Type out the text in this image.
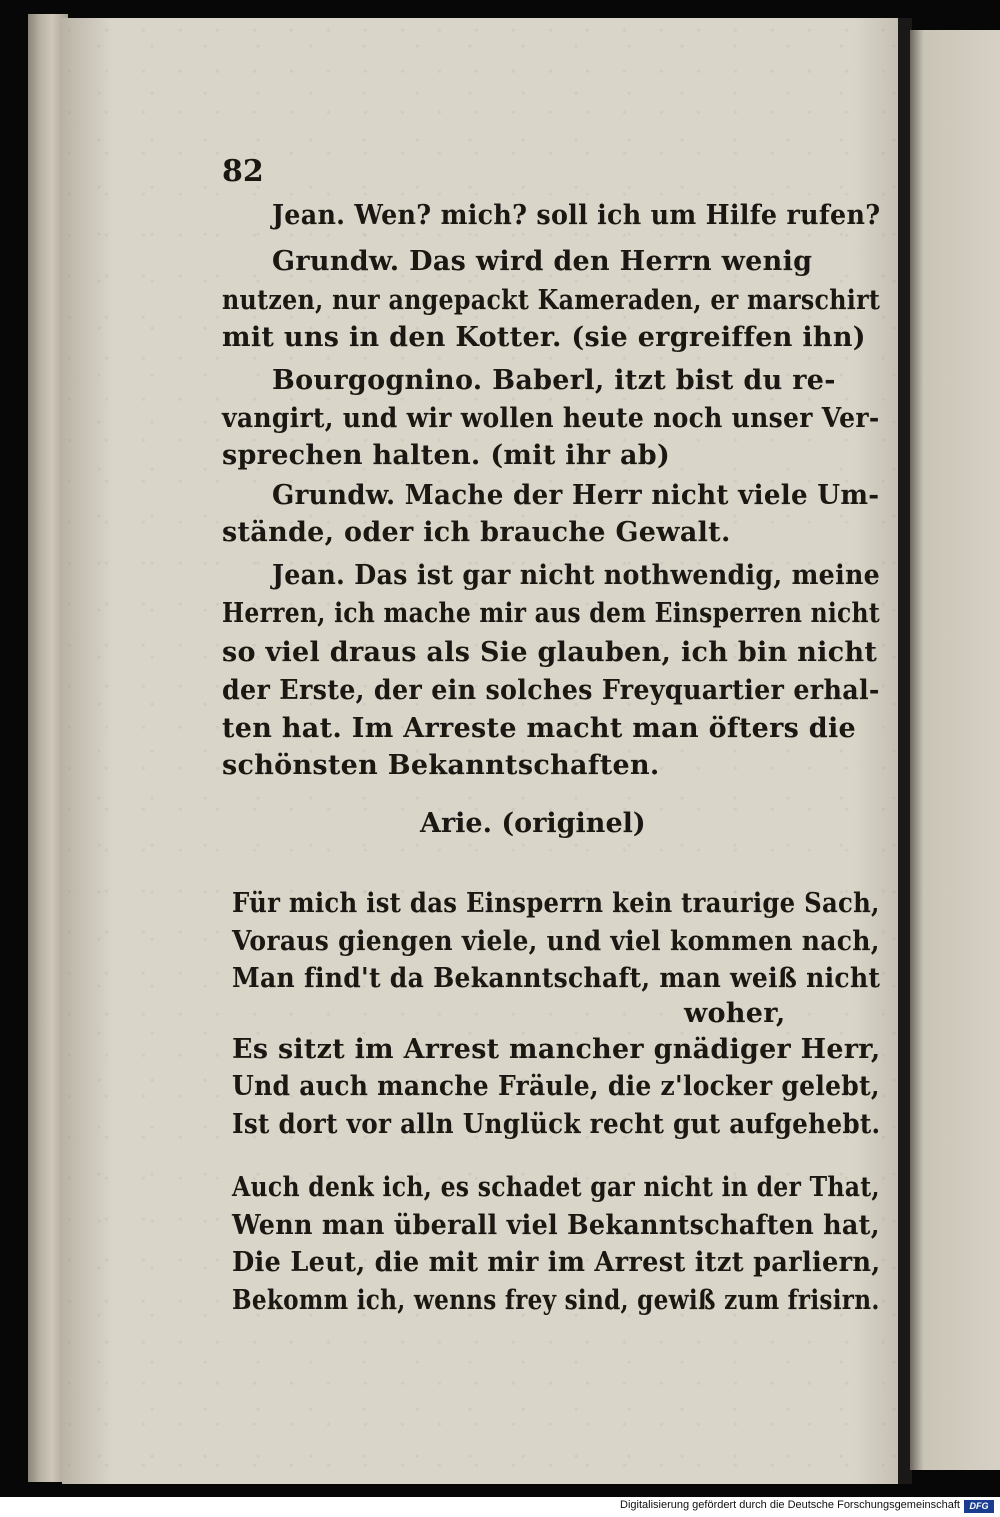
82
Jean. Wen? mich? soll ich um Hilfe rufen?
Grundw. Das wird den Herrn wenig
nutzen, nur angepackt Kameraden, er marschirt
mit uns in den Kotter. (sie ergreiffen ihn)
Bourgognino. Baberl, itzt bist du re-
vangirt, und wir wollen heute noch unser Ver-
sprechen halten. (mit ihr ab)
Grundw. Mache der Herr nicht viele Um-
stände, oder ich brauche Gewalt.
Jean. Das ist gar nicht nothwendig, meine
Herren, ich mache mir aus dem Einsperren nicht
so viel draus als Sie glauben, ich bin nicht
der Erste, der ein solches Freyquartier erhal-
ten hat. Im Arreste macht man öfters die
schönsten Bekanntschaften.
Arie. (originel)
Für mich ist das Einsperrn kein traurige Sach,
Voraus giengen viele, und viel kommen nach,
Man find't da Bekanntschaft, man weiß nicht
woher,
Es sitzt im Arrest mancher gnädiger Herr,
Und auch manche Fräule, die z'locker gelebt,
Ist dort vor alln Unglück recht gut aufgehebt.
Auch denk ich, es schadet gar nicht in der That,
Wenn man überall viel Bekanntschaften hat,
Die Leut, die mit mir im Arrest itzt parliern,
Bekomm ich, wenns frey sind, gewiß zum frisirn.
Digitalisierung gefördert durch die Deutsche Forschungsgemeinschaft	DFG
